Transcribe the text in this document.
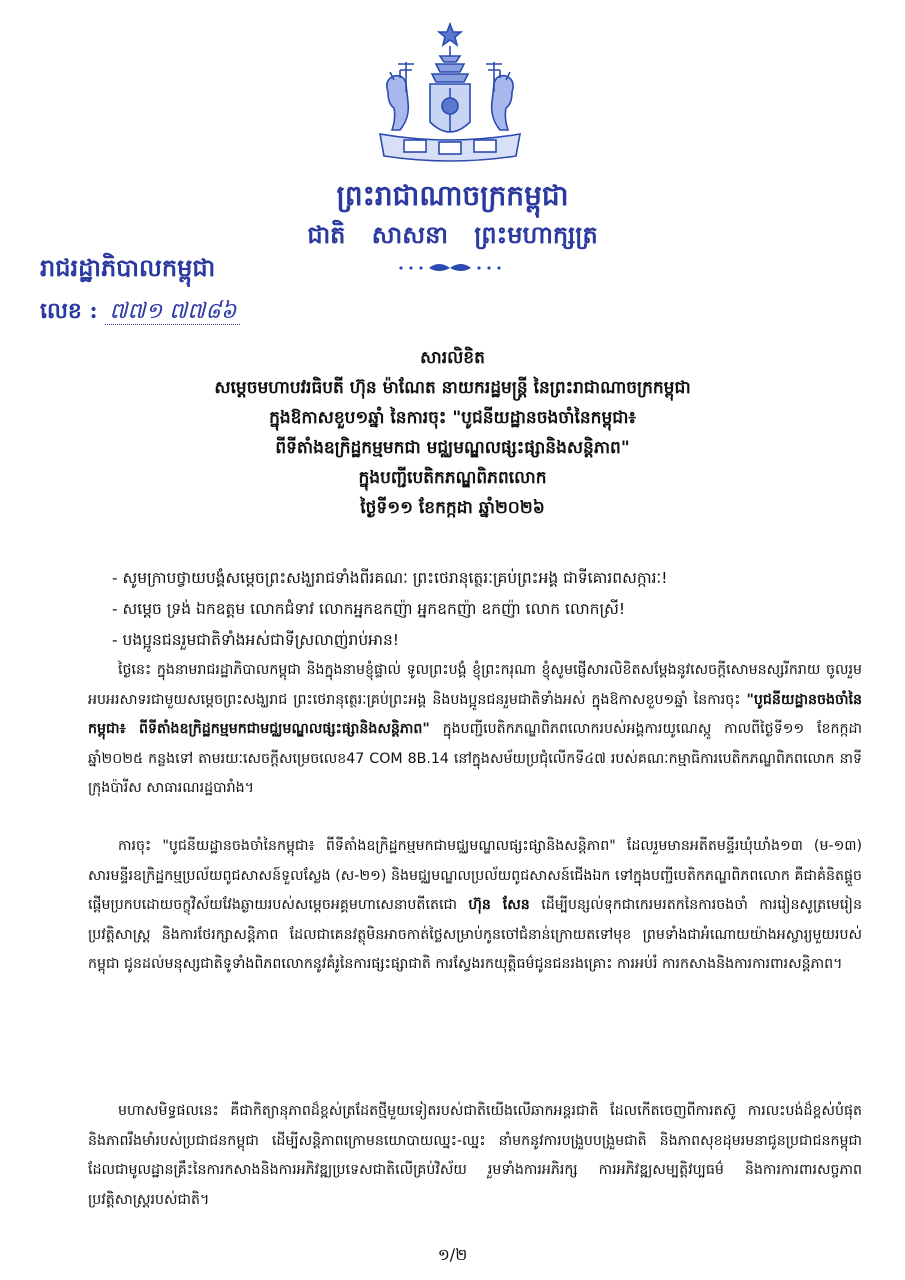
ព្រះរាជាណាចក្រកម្ពុជា
ជាតិ សាសនា ព្រះមហាក្សត្រ
រាជរដ្ឋាភិបាលកម្ពុជា
លេខ : ៧៧១ ៧៧៨៦
សារលិខិត
សម្តេចមហាបវរធិបតី ហ៊ុន ម៉ាណែត នាយករដ្ឋមន្ត្រី នៃព្រះរាជាណាចក្រកម្ពុជា
ក្នុងឱកាសខួប១ឆ្នាំ នៃការចុះ "បូជនីយដ្ឋានចងចាំនៃកម្ពុជា៖
ពីទីតាំងឧក្រិដ្ឋកម្មមកជា មជ្ឈមណ្ឌលផ្សះផ្សានិងសន្តិភាព"
ក្នុងបញ្ជីបេតិកភណ្ឌពិភពលោក
ថ្ងៃទី១១ ខែកក្កដា ឆ្នាំ២០២៦
- សូមក្រាបថ្វាយបង្គំសម្តេចព្រះសង្ឃរាជទាំងពីរគណៈ ព្រះថេរានុត្ថេរៈគ្រប់ព្រះអង្គ ជាទីគោរពសក្ការៈ!
- សម្តេច ទ្រង់ ឯកឧត្តម លោកជំទាវ លោកអ្នកឧកញ៉ា អ្នកឧកញ៉ា ឧកញ៉ា លោក លោកស្រី!
- បងប្អូនជនរួមជាតិទាំងអស់ជាទីស្រលាញ់រាប់អាន!
ថ្ងៃនេះ ក្នុងនាមរាជរដ្ឋាភិបាលកម្ពុជា និងក្នុងនាមខ្ញុំផ្ទាល់ ទូលព្រះបង្គំ ខ្ញុំព្រះករុណា ខ្ញុំសូមផ្ញើសារលិខិតសម្តែងនូវសេចក្តីសោមនស្សរីករាយ ចូលរួមអបអរសាទរជាមួយសម្តេចព្រះសង្ឃរាជ ព្រះថេរានុត្ថេរៈគ្រប់ព្រះអង្គ និងបងប្អូនជនរួមជាតិទាំងអស់ ក្នុងឱកាសខួប១ឆ្នាំ នៃការចុះ "បូជនីយដ្ឋានចងចាំនៃកម្ពុជា៖ ពីទីតាំងឧក្រិដ្ឋកម្មមកជាមជ្ឈមណ្ឌលផ្សះផ្សានិងសន្តិភាព" ក្នុងបញ្ជីបេតិកភណ្ឌពិភពលោករបស់អង្គការយូណេស្កូ កាលពីថ្ងៃទី១១ ខែកក្កដា ឆ្នាំ២០២៥ កន្លងទៅ តាមរយៈសេចក្តីសម្រេចលេខ47 COM 8B.14 នៅក្នុងសម័យប្រជុំលើកទី៤៧ របស់គណៈកម្មាធិការបេតិកភណ្ឌពិភពលោក នាទីក្រុងប៉ារីស សាធារណរដ្ឋបារាំង។
ការចុះ "បូជនីយដ្ឋានចងចាំនៃកម្ពុជា៖ ពីទីតាំងឧក្រិដ្ឋកម្មមកជាមជ្ឈមណ្ឌលផ្សះផ្សានិងសន្តិភាព" ដែលរួមមានអតីតមន្ទីរឃុំឃាំង១៣ (ម-១៣) សារមន្ទីរឧក្រិដ្ឋកម្មប្រល័យពូជសាសន៍ទួលស្លែង (ស-២១) និងមជ្ឈមណ្ឌលប្រល័យពូជសាសន៍ជើងឯក ទៅក្នុងបញ្ជីបេតិកភណ្ឌពិភពលោក គឺជាគំនិតផ្តួចផ្តើមប្រកបដោយចក្ខុវិស័យវែងឆ្ងាយរបស់សម្តេចអគ្គមហាសេនាបតីតេជោ ហ៊ុន សែន ដើម្បីបន្សល់ទុកជាកេរមរតកនៃការចងចាំ ការរៀនសូត្រមេរៀនប្រវត្តិសាស្ត្រ និងការថែរក្សាសន្តិភាព ដែលជាគេនវត្ថុមិនអាចកាត់ថ្លៃសម្រាប់កូនចៅជំនាន់ក្រោយតទៅមុខ ព្រមទាំងជាអំណោយយ៉ាងអស្ចារ្យមួយរបស់កម្ពុជា ជូនដល់មនុស្សជាតិទូទាំងពិភពលោកនូវគំរូនៃការផ្សះផ្សាជាតិ ការស្វែងរកយុត្តិធម៌ជូនជនរងគ្រោះ ការអប់រំ ការកសាងនិងការការពារសន្តិភាព។
មហាសមិទ្ធផលនេះ គឺជាកិត្យានុភាពដ៏ខ្ពស់ត្រដែតថ្មីមួយទៀតរបស់ជាតិយើងលើឆាកអន្តរជាតិ ដែលកើតចេញពីការតស៊ូ ការលះបង់ដ៏ខ្ពស់បំផុត និងភាពរឹងមាំរបស់ប្រជាជនកម្ពុជា ដើម្បីសន្តិភាពក្រោមនយោបាយឈ្នះ-ឈ្នះ នាំមកនូវការបង្រួបបង្រួមជាតិ និងភាពសុខដុមរមនាជូនប្រជាជនកម្ពុជា ដែលជាមូលដ្ឋានគ្រឹះនៃការកសាងនិងការអភិវឌ្ឍប្រទេសជាតិលើគ្រប់វិស័យ រួមទាំងការអភិរក្ស ការអភិវឌ្ឍសម្បត្តិវប្បធម៌ និងការការពារសច្ចភាពប្រវត្តិសាស្ត្ររបស់ជាតិ។
១/២
